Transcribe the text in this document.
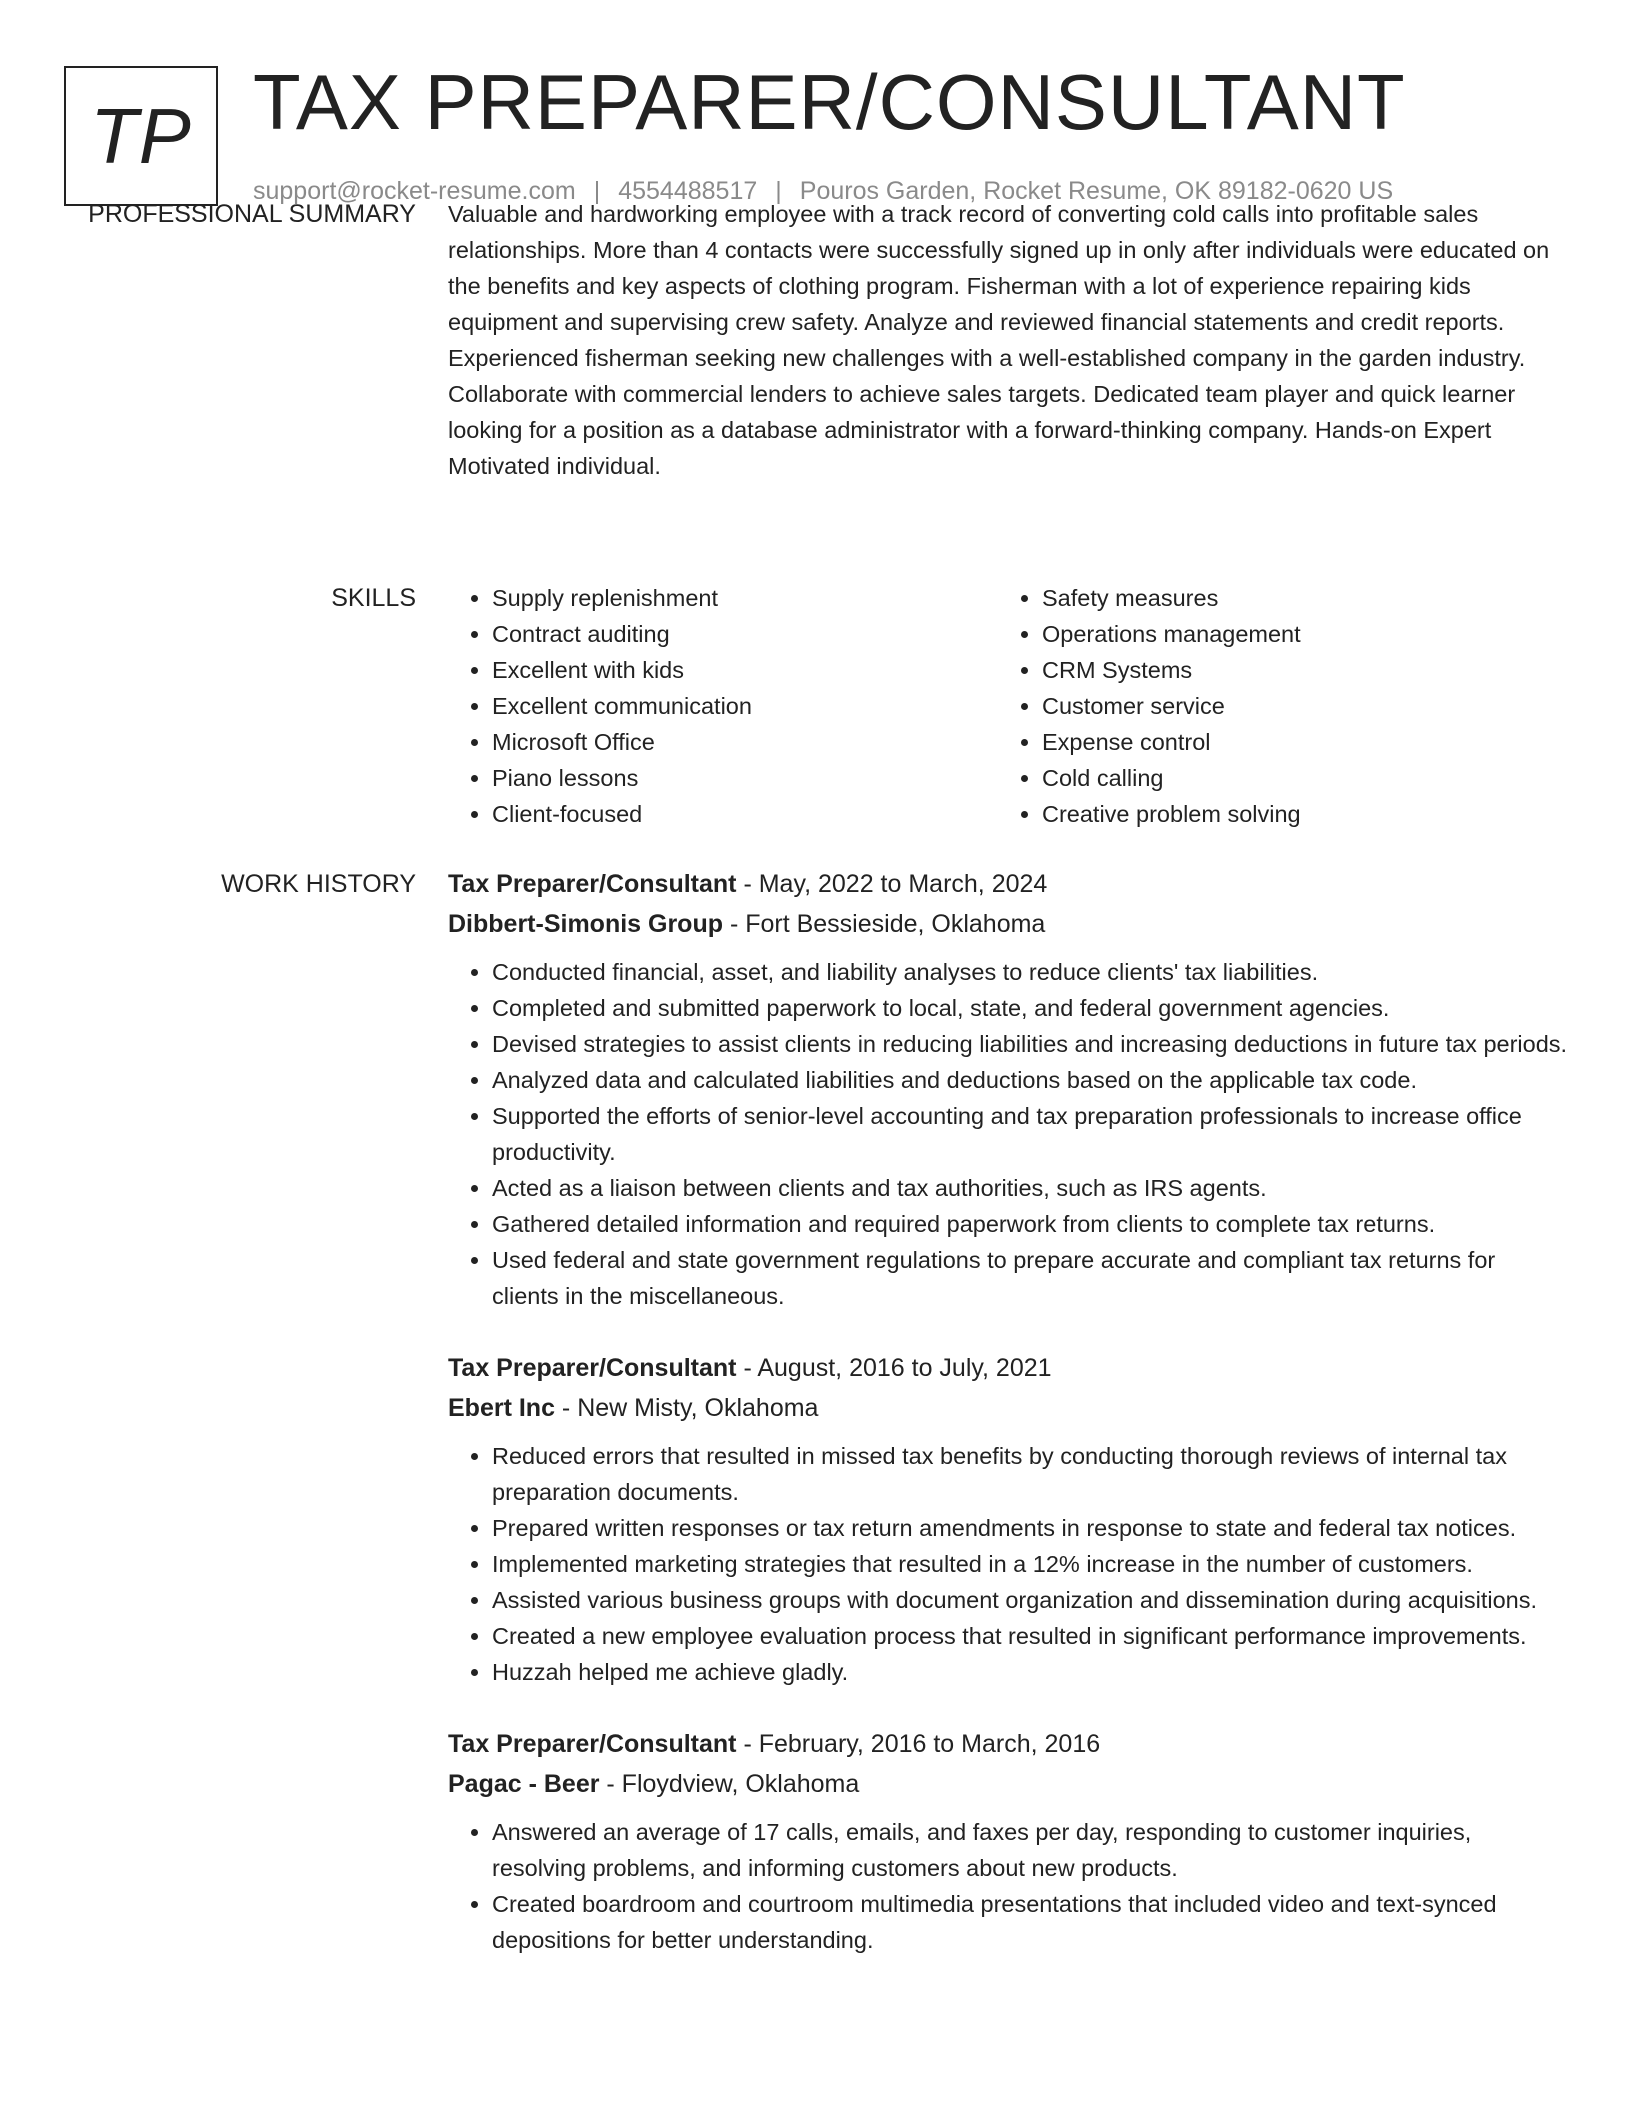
TP TAX PREPARER/CONSULTANT
support@rocket-resume.com | 4554488517 | Pouros Garden, Rocket Resume, OK 89182-0620 US
PROFESSIONAL SUMMARY Valuable and hardworking employee with a track record of converting cold calls into profitable sales relationships. More than 4 contacts were successfully signed up in only after individuals were educated on the benefits and key aspects of clothing program. Fisherman with a lot of experience repairing kids equipment and supervising crew safety. Analyze and reviewed financial statements and credit reports. Experienced fisherman seeking new challenges with a well-established company in the garden industry. Collaborate with commercial lenders to achieve sales targets. Dedicated team player and quick learner looking for a position as a database administrator with a forward-thinking company. Hands-on Expert Motivated individual.

SKILLS
•	Supply replenishment
• Contract auditing
• Excellent with kids
• Excellent communication
• Microsoft Office
• Piano lessons
• Client-focused
• Safety measures
• Operations management
• CRM Systems
• Customer service
• Expense control
• Cold calling
• Creative problem solving
WORK HISTORY Tax Preparer/Consultant - May, 2022 to March, 2024
Dibbert-Simonis Group - Fort Bessieside, Oklahoma
• Conducted financial, asset, and liability analyses to reduce clients' tax liabilities.
• Completed and submitted paperwork to local, state, and federal government agencies.
• Devised strategies to assist clients in reducing liabilities and increasing deductions in future tax periods.
• Analyzed data and calculated liabilities and deductions based on the applicable tax code.
• Supported the efforts of senior-level accounting and tax preparation professionals to increase office productivity.
• Acted as a liaison between clients and tax authorities, such as IRS agents.
• Gathered detailed information and required paperwork from clients to complete tax returns.
• Used federal and state government regulations to prepare accurate and compliant tax returns for clients in the miscellaneous.
Tax Preparer/Consultant - August, 2016 to July, 2021
Ebert Inc - New Misty, Oklahoma
• Reduced errors that resulted in missed tax benefits by conducting thorough reviews of internal tax preparation documents.
• Prepared written responses or tax return amendments in response to state and federal tax notices.
• Implemented marketing strategies that resulted in a 12% increase in the number of customers.
• Assisted various business groups with document organization and dissemination during acquisitions.
• Created a new employee evaluation process that resulted in significant performance improvements.
• Huzzah helped me achieve gladly.
Tax Preparer/Consultant - February, 2016 to March, 2016
Pagac - Beer - Floydview, Oklahoma
• Answered an average of 17 calls, emails, and faxes per day, responding to customer inquiries, resolving problems, and informing customers about new products.
• Created boardroom and courtroom multimedia presentations that included video and text-synced depositions for better understanding.
